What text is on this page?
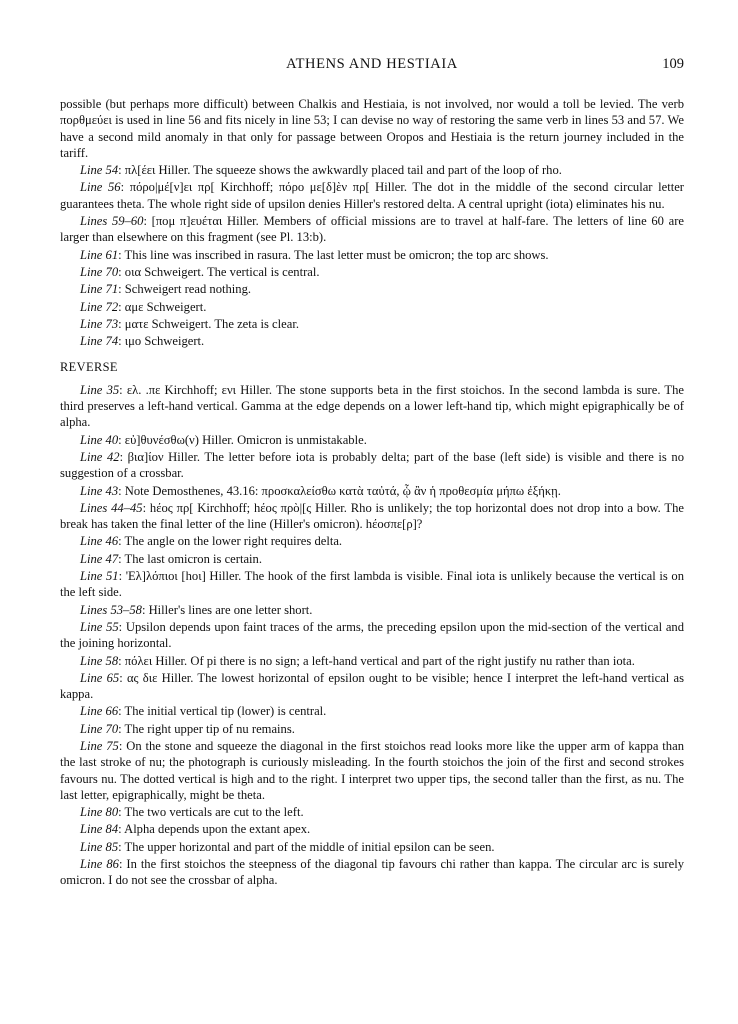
ATHENS AND HESTIAIA	109

possible (but perhaps more difficult) between Chalkis and Hestiaia, is not involved, nor would a toll be levied. The verb πορθμεύει is used in line 56 and fits nicely in line 53; I can devise no way of restoring the same verb in lines 53 and 57. We have a second mild anomaly in that only for passage between Oropos and Hestiaia is the return journey included in the tariff.

Line 54: πλ[έει Hiller. The squeeze shows the awkwardly placed tail and part of the loop of rho.

Line 56: πόρο|μέ[ν]ει πρ[ Kirchhoff; πόρο με[δ]ὲν πρ[ Hiller. The dot in the middle of the second circular letter guarantees theta. The whole right side of upsilon denies Hiller's restored delta. A central upright (iota) eliminates his nu.

Lines 59–60: [πομ π]ευέται Hiller. Members of official missions are to travel at half-fare. The letters of line 60 are larger than elsewhere on this fragment (see Pl. 13:b).

Line 61: This line was inscribed in rasura. The last letter must be omicron; the top arc shows.

Line 70: οια Schweigert. The vertical is central.

Line 71: Schweigert read nothing.

Line 72: αμε Schweigert.

Line 73: ματε Schweigert. The zeta is clear.

Line 74: ιμο Schweigert.

REVERSE

Line 35: ελ. .πε Kirchhoff; ενι Hiller. The stone supports beta in the first stoichos. In the second lambda is sure. The third preserves a left-hand vertical. Gamma at the edge depends on a lower left-hand tip, which might epigraphically be of alpha.

Line 40: εὐ]θυνέσθω(ν) Hiller. Omicron is unmistakable.

Line 42: βια]ίον Hiller. The letter before iota is probably delta; part of the base (left side) is visible and there is no suggestion of a crossbar.

Line 43: Note Demosthenes, 43.16: προσκαλείσθω κατὰ ταὐτά, ᾧ ἂν ἡ προθεσμία μήπω ἐξήκῃ.

Lines 44–45: hέος πρ[ Kirchhoff; hέος πρὸ|[ς Hiller. Rho is unlikely; the top horizontal does not drop into a bow. The break has taken the final letter of the line (Hiller's omicron). hέοσπε[ρ]?

Line 46: The angle on the lower right requires delta.

Line 47: The last omicron is certain.

Line 51: 'Ελ]λόπιοι [hoι] Hiller. The hook of the first lambda is visible. Final iota is unlikely because the vertical is on the left side.

Lines 53–58: Hiller's lines are one letter short.

Line 55: Upsilon depends upon faint traces of the arms, the preceding epsilon upon the mid-section of the vertical and the joining horizontal.

Line 58: πόλει Hiller. Of pi there is no sign; a left-hand vertical and part of the right justify nu rather than iota.

Line 65: ας διε Hiller. The lowest horizontal of epsilon ought to be visible; hence I interpret the left-hand vertical as kappa.

Line 66: The initial vertical tip (lower) is central.

Line 70: The right upper tip of nu remains.

Line 75: On the stone and squeeze the diagonal in the first stoichos read looks more like the upper arm of kappa than the last stroke of nu; the photograph is curiously misleading. In the fourth stoichos the join of the first and second strokes favours nu. The dotted vertical is high and to the right. I interpret two upper tips, the second taller than the first, as nu. The last letter, epigraphically, might be theta.

Line 80: The two verticals are cut to the left.

Line 84: Alpha depends upon the extant apex.

Line 85: The upper horizontal and part of the middle of initial epsilon can be seen.

Line 86: In the first stoichos the steepness of the diagonal tip favours chi rather than kappa. The circular arc is surely omicron. I do not see the crossbar of alpha.
